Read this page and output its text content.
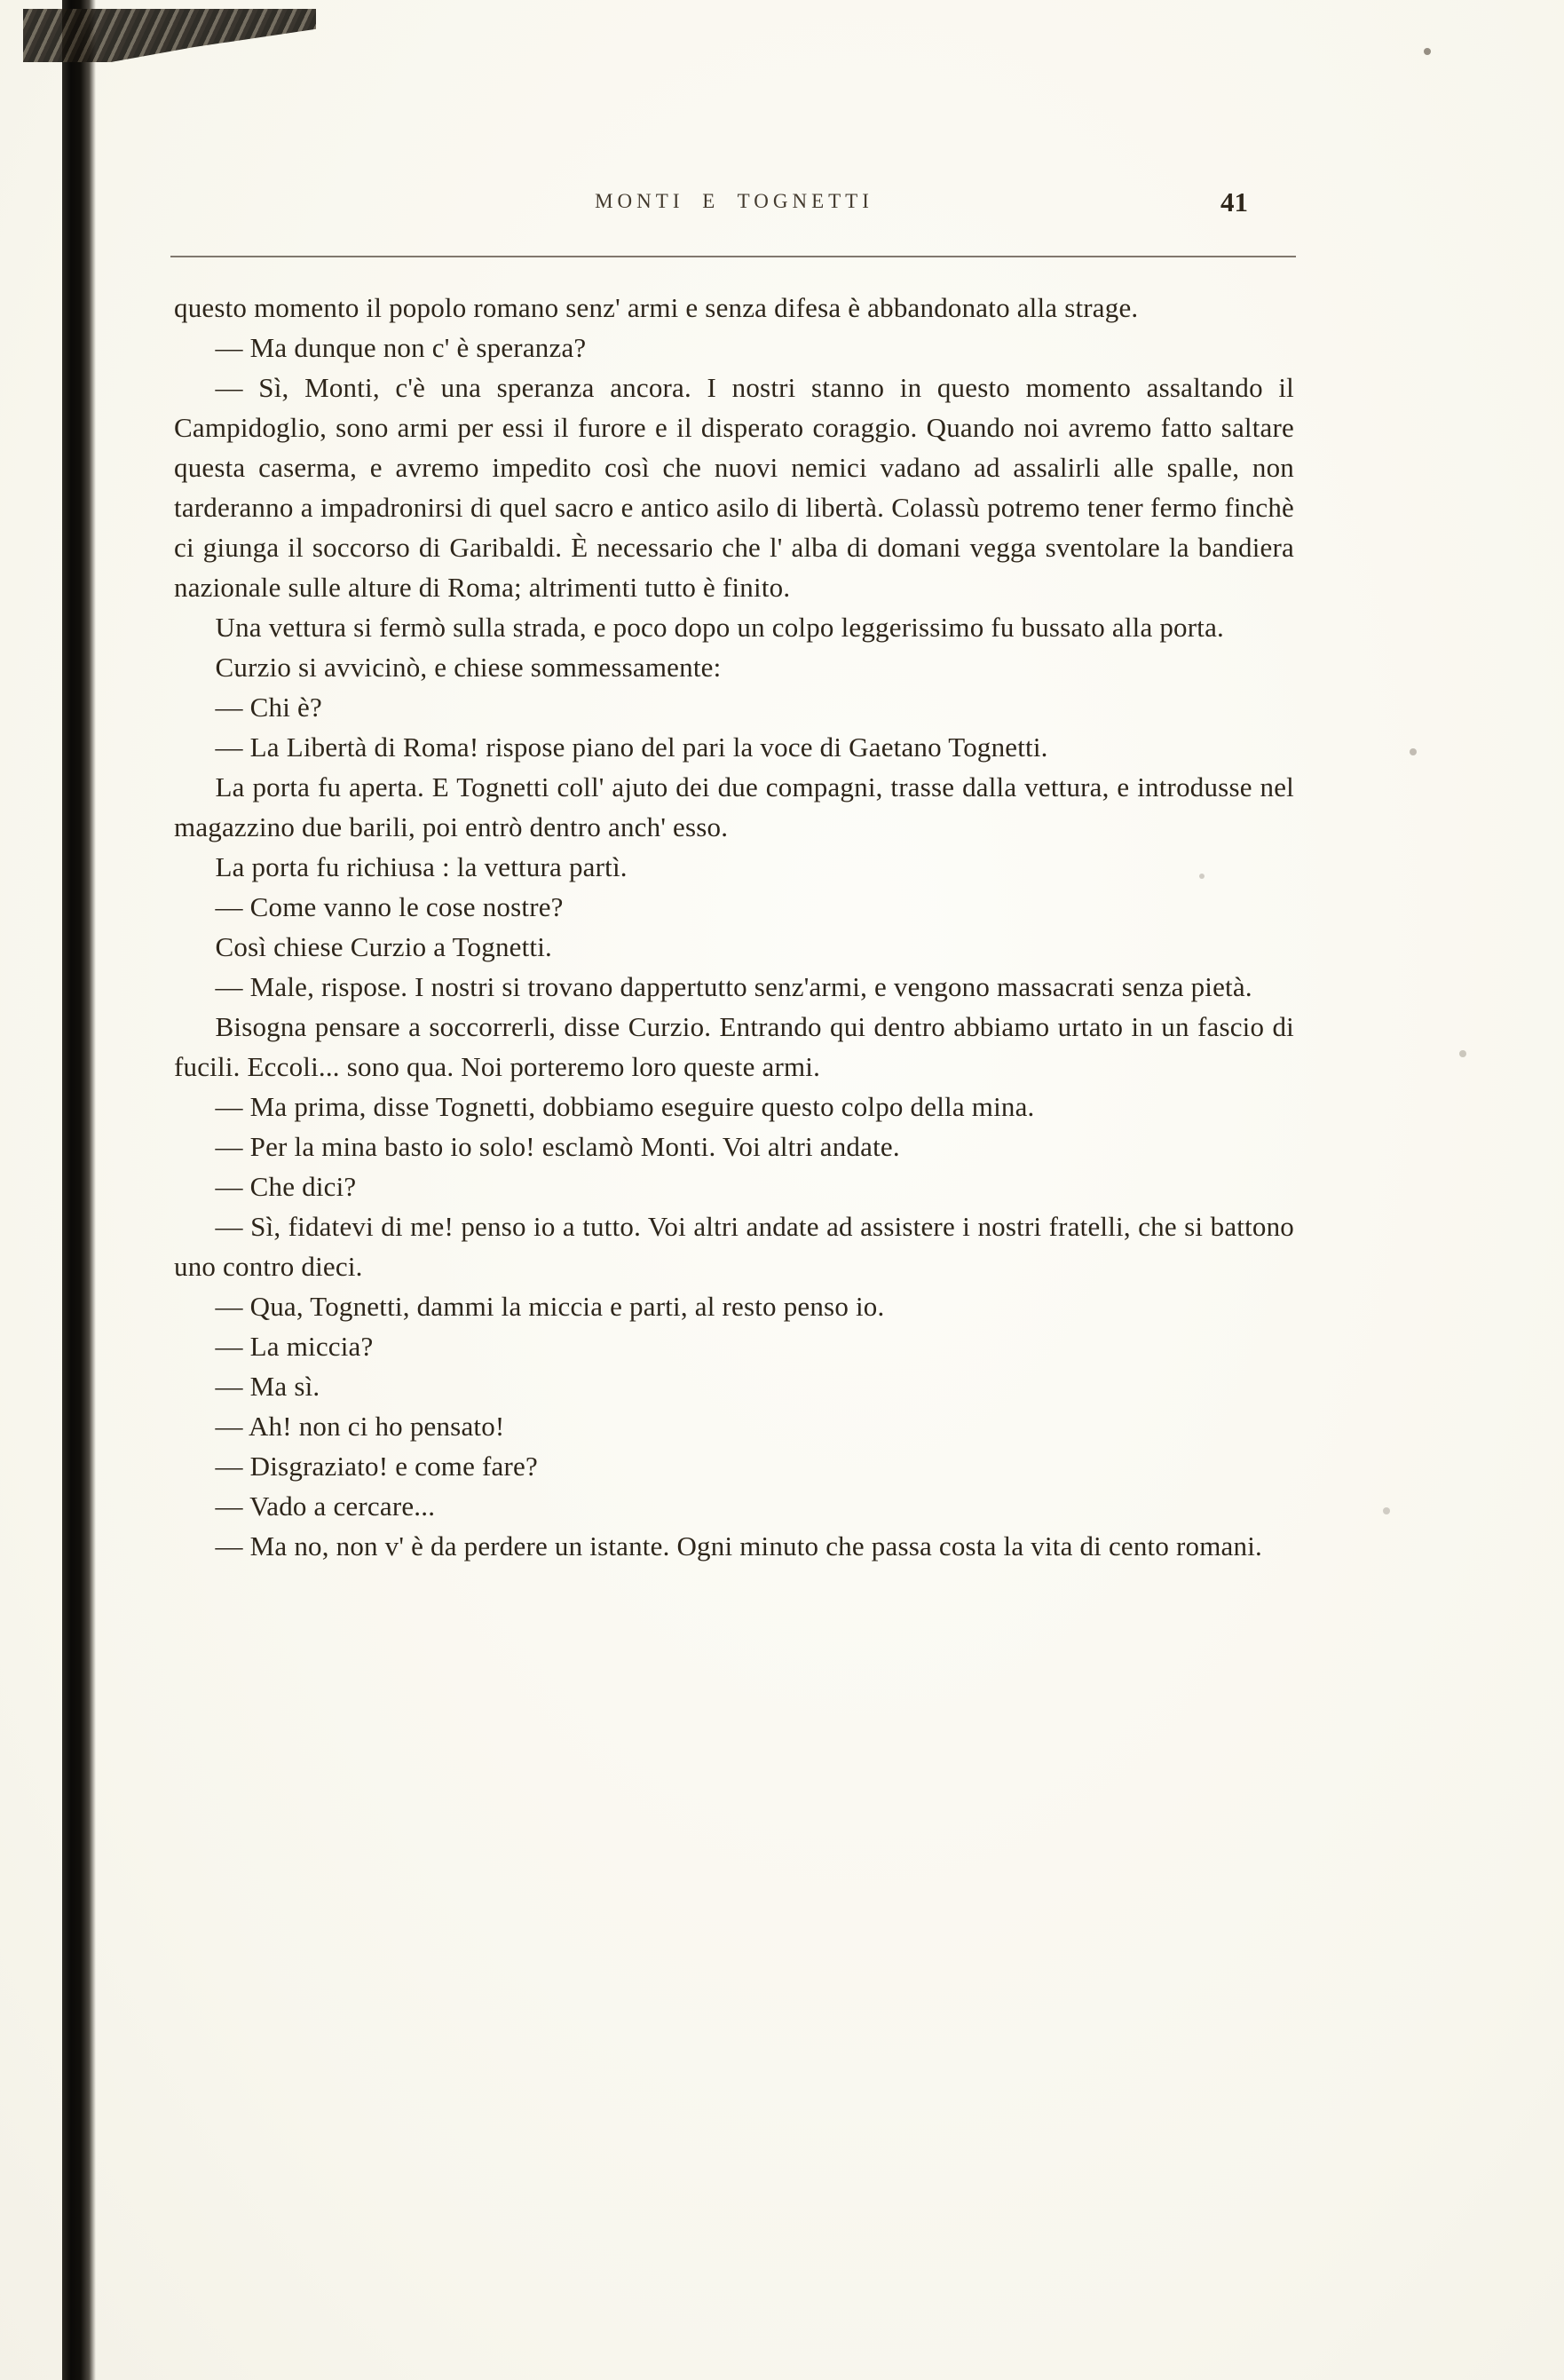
MONTI E TOGNETTI	41

questo momento il popolo romano senz' armi e senza difesa è abbandonato alla strage.

— Ma dunque non c' è speranza?

— Sì, Monti, c'è una speranza ancora. I nostri stanno in questo momento assaltando il Campidoglio, sono armi per essi il furore e il disperato coraggio. Quando noi avremo fatto saltare questa caserma, e avremo impedito così che nuovi nemici vadano ad assalirli alle spalle, non tarderanno a impadronirsi di quel sacro e antico asilo di libertà. Colassù potremo tener fermo finchè ci giunga il soccorso di Garibaldi. È necessario che l' alba di domani vegga sventolare la bandiera nazionale sulle alture di Roma; altrimenti tutto è finito.

Una vettura si fermò sulla strada, e poco dopo un colpo leggerissimo fu bussato alla porta.

Curzio si avvicinò, e chiese sommessamente:

— Chi è?

— La Libertà di Roma! rispose piano del pari la voce di Gaetano Tognetti.

La porta fu aperta. E Tognetti coll' ajuto dei due compagni, trasse dalla vettura, e introdusse nel magazzino due barili, poi entrò dentro anch' esso.

La porta fu richiusa : la vettura partì.

— Come vanno le cose nostre?

Così chiese Curzio a Tognetti.

— Male, rispose. I nostri si trovano dappertutto senz'armi, e vengono massacrati senza pietà.

Bisogna pensare a soccorrerli, disse Curzio. Entrando qui dentro abbiamo urtato in un fascio di fucili. Eccoli... sono qua. Noi porteremo loro queste armi.

— Ma prima, disse Tognetti, dobbiamo eseguire questo colpo della mina.

— Per la mina basto io solo! esclamò Monti. Voi altri andate.

— Che dici?

— Sì, fidatevi di me! penso io a tutto. Voi altri andate ad assistere i nostri fratelli, che si battono uno contro dieci.

— Qua, Tognetti, dammi la miccia e parti, al resto penso io.

— La miccia?

— Ma sì.

— Ah! non ci ho pensato!

— Disgraziato! e come fare?

— Vado a cercare...

— Ma no, non v' è da perdere un istante. Ogni minuto che passa costa la vita di cento romani.
